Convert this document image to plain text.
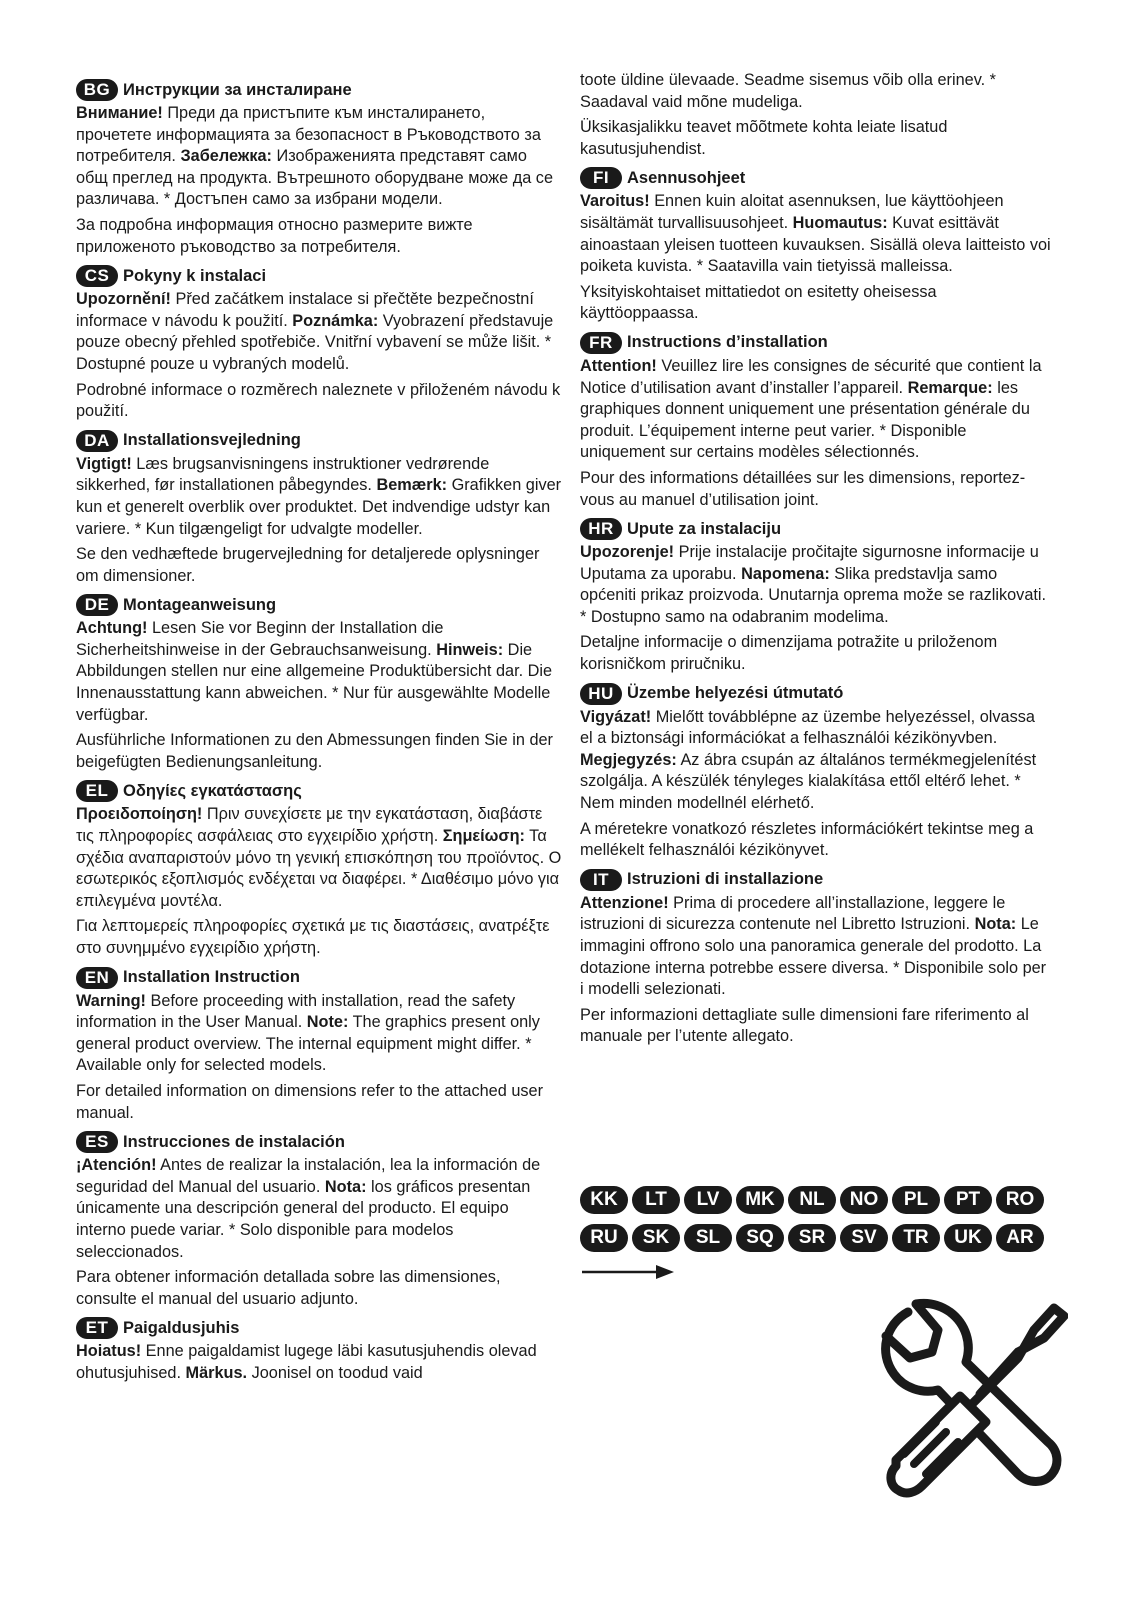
BG Инструкции за инсталиране

Внимание! Преди да пристъпите към инсталирането, прочетете информацията за безопасност в Ръководството за потребителя. Забележка: Изображенията представят само общ преглед на продукта. Вътрешното оборудване може да се различава. * Достъпен само за избрани модели.

За подробна информация относно размерите вижте приложеното ръководство за потребителя.

CS Pokyny k instalaci

Upozornění! Před začátkem instalace si přečtěte bezpečnostní informace v návodu k použití. Poznámka: Vyobrazení představuje pouze obecný přehled spotřebiče. Vnitřní vybavení se může lišit. * Dostupné pouze u vybraných modelů.

Podrobné informace o rozměrech naleznete v přiloženém návodu k použití.

DA Installationsvejledning

Vigtigt! Læs brugsanvisningens instruktioner vedrørende sikkerhed, før installationen påbegyndes. Bemærk: Grafikken giver kun et generelt overblik over produktet. Det indvendige udstyr kan variere. * Kun tilgængeligt for udvalgte modeller.

Se den vedhæftede brugervejledning for detaljerede oplysninger om dimensioner.

DE Montageanweisung

Achtung! Lesen Sie vor Beginn der Installation die Sicherheitshinweise in der Gebrauchsanweisung. Hinweis: Die Abbildungen stellen nur eine allgemeine Produktübersicht dar. Die Innenausstattung kann abweichen. * Nur für ausgewählte Modelle verfügbar.

Ausführliche Informationen zu den Abmessungen finden Sie in der beigefügten Bedienungsanleitung.

EL Οδηγίες εγκατάστασης

Προειδοποίηση! Πριν συνεχίσετε με την εγκατάσταση, διαβάστε τις πληροφορίες ασφάλειας στο εγχειρίδιο χρήστη. Σημείωση: Τα σχέδια αναπαριστούν μόνο τη γενική επισκόπηση του προϊόντος. Ο εσωτερικός εξοπλισμός ενδέχεται να διαφέρει. * Διαθέσιμο μόνο για επιλεγμένα μοντέλα.

Για λεπτομερείς πληροφορίες σχετικά με τις διαστάσεις, ανατρέξτε στο συνημμένο εγχειρίδιο χρήστη.

EN Installation Instruction

Warning! Before proceeding with installation, read the safety information in the User Manual. Note: The graphics present only general product overview. The internal equipment might differ. * Available only for selected models.

For detailed information on dimensions refer to the attached user manual.

ES Instrucciones de instalación

¡Atención! Antes de realizar la instalación, lea la información de seguridad del Manual del usuario. Nota: los gráficos presentan únicamente una descripción general del producto. El equipo interno puede variar. * Solo disponible para modelos seleccionados.

Para obtener información detallada sobre las dimensiones, consulte el manual del usuario adjunto.

ET Paigaldusjuhis

Hoiatus! Enne paigaldamist lugege läbi kasutusjuhendis olevad ohutusjuhised. Märkus. Joonisel on toodud vaid

toote üldine ülevaade. Seadme sisemus võib olla erinev. * Saadaval vaid mõne mudeliga.

Üksikasjalikku teavet mõõtmete kohta leiate lisatud kasutusjuhendist.

FI	Asennusohjeet

Varoitus! Ennen kuin aloitat asennuksen, lue käyttöohjeen sisältämät turvallisuusohjeet. Huomautus: Kuvat esittävät ainoastaan yleisen tuotteen kuvauksen. Sisällä oleva laitteisto voi poiketa kuvista. * Saatavilla vain tietyissä malleissa.

Yksityiskohtaiset mittatiedot on esitetty oheisessa käyttöoppaassa.

FR Instructions d’installation

Attention! Veuillez lire les consignes de sécurité que contient la Notice d’utilisation avant d’installer l’appareil. Remarque: les graphiques donnent uniquement une présentation générale du produit. L’équipement interne peut varier. * Disponible uniquement sur certains modèles sélectionnés.

Pour des informations détaillées sur les dimensions, reportez-vous au manuel d’utilisation joint.

HR Upute za instalaciju

Upozorenje! Prije instalacije pročitajte sigurnosne informacije u Uputama za uporabu. Napomena: Slika predstavlja samo općeniti prikaz proizvoda. Unutarnja oprema može se razlikovati. * Dostupno samo na odabranim modelima.

Detaljne informacije o dimenzijama potražite u priloženom korisničkom priručniku.

HU Üzembe helyezési útmutató

Vigyázat! Mielőtt továbblépne az üzembe helyezéssel, olvassa el a biztonsági információkat a felhasználói kézikönyvben. Megjegyzés: Az ábra csupán az általános termékmegjelenítést szolgálja. A készülék tényleges kialakítása ettől eltérő lehet. * Nem minden modellnél elérhető.

A méretekre vonatkozó részletes információkért tekintse meg a mellékelt felhasználói kézikönyvet.

IT	Istruzioni di installazione

Attenzione! Prima di procedere all’installazione, leggere le istruzioni di sicurezza contenute nel Libretto Istruzioni. Nota: Le immagini offrono solo una panoramica generale del prodotto. La dotazione interna potrebbe essere diversa. * Disponibile solo per i modelli selezionati.

Per informazioni dettagliate sulle dimensioni fare riferimento al manuale per l’utente allegato.

KK	LT	LV	MK	NL	NO	PL	PT	RO
RU	SK	SL	SQ	SR	SV	TR	UK	AR
